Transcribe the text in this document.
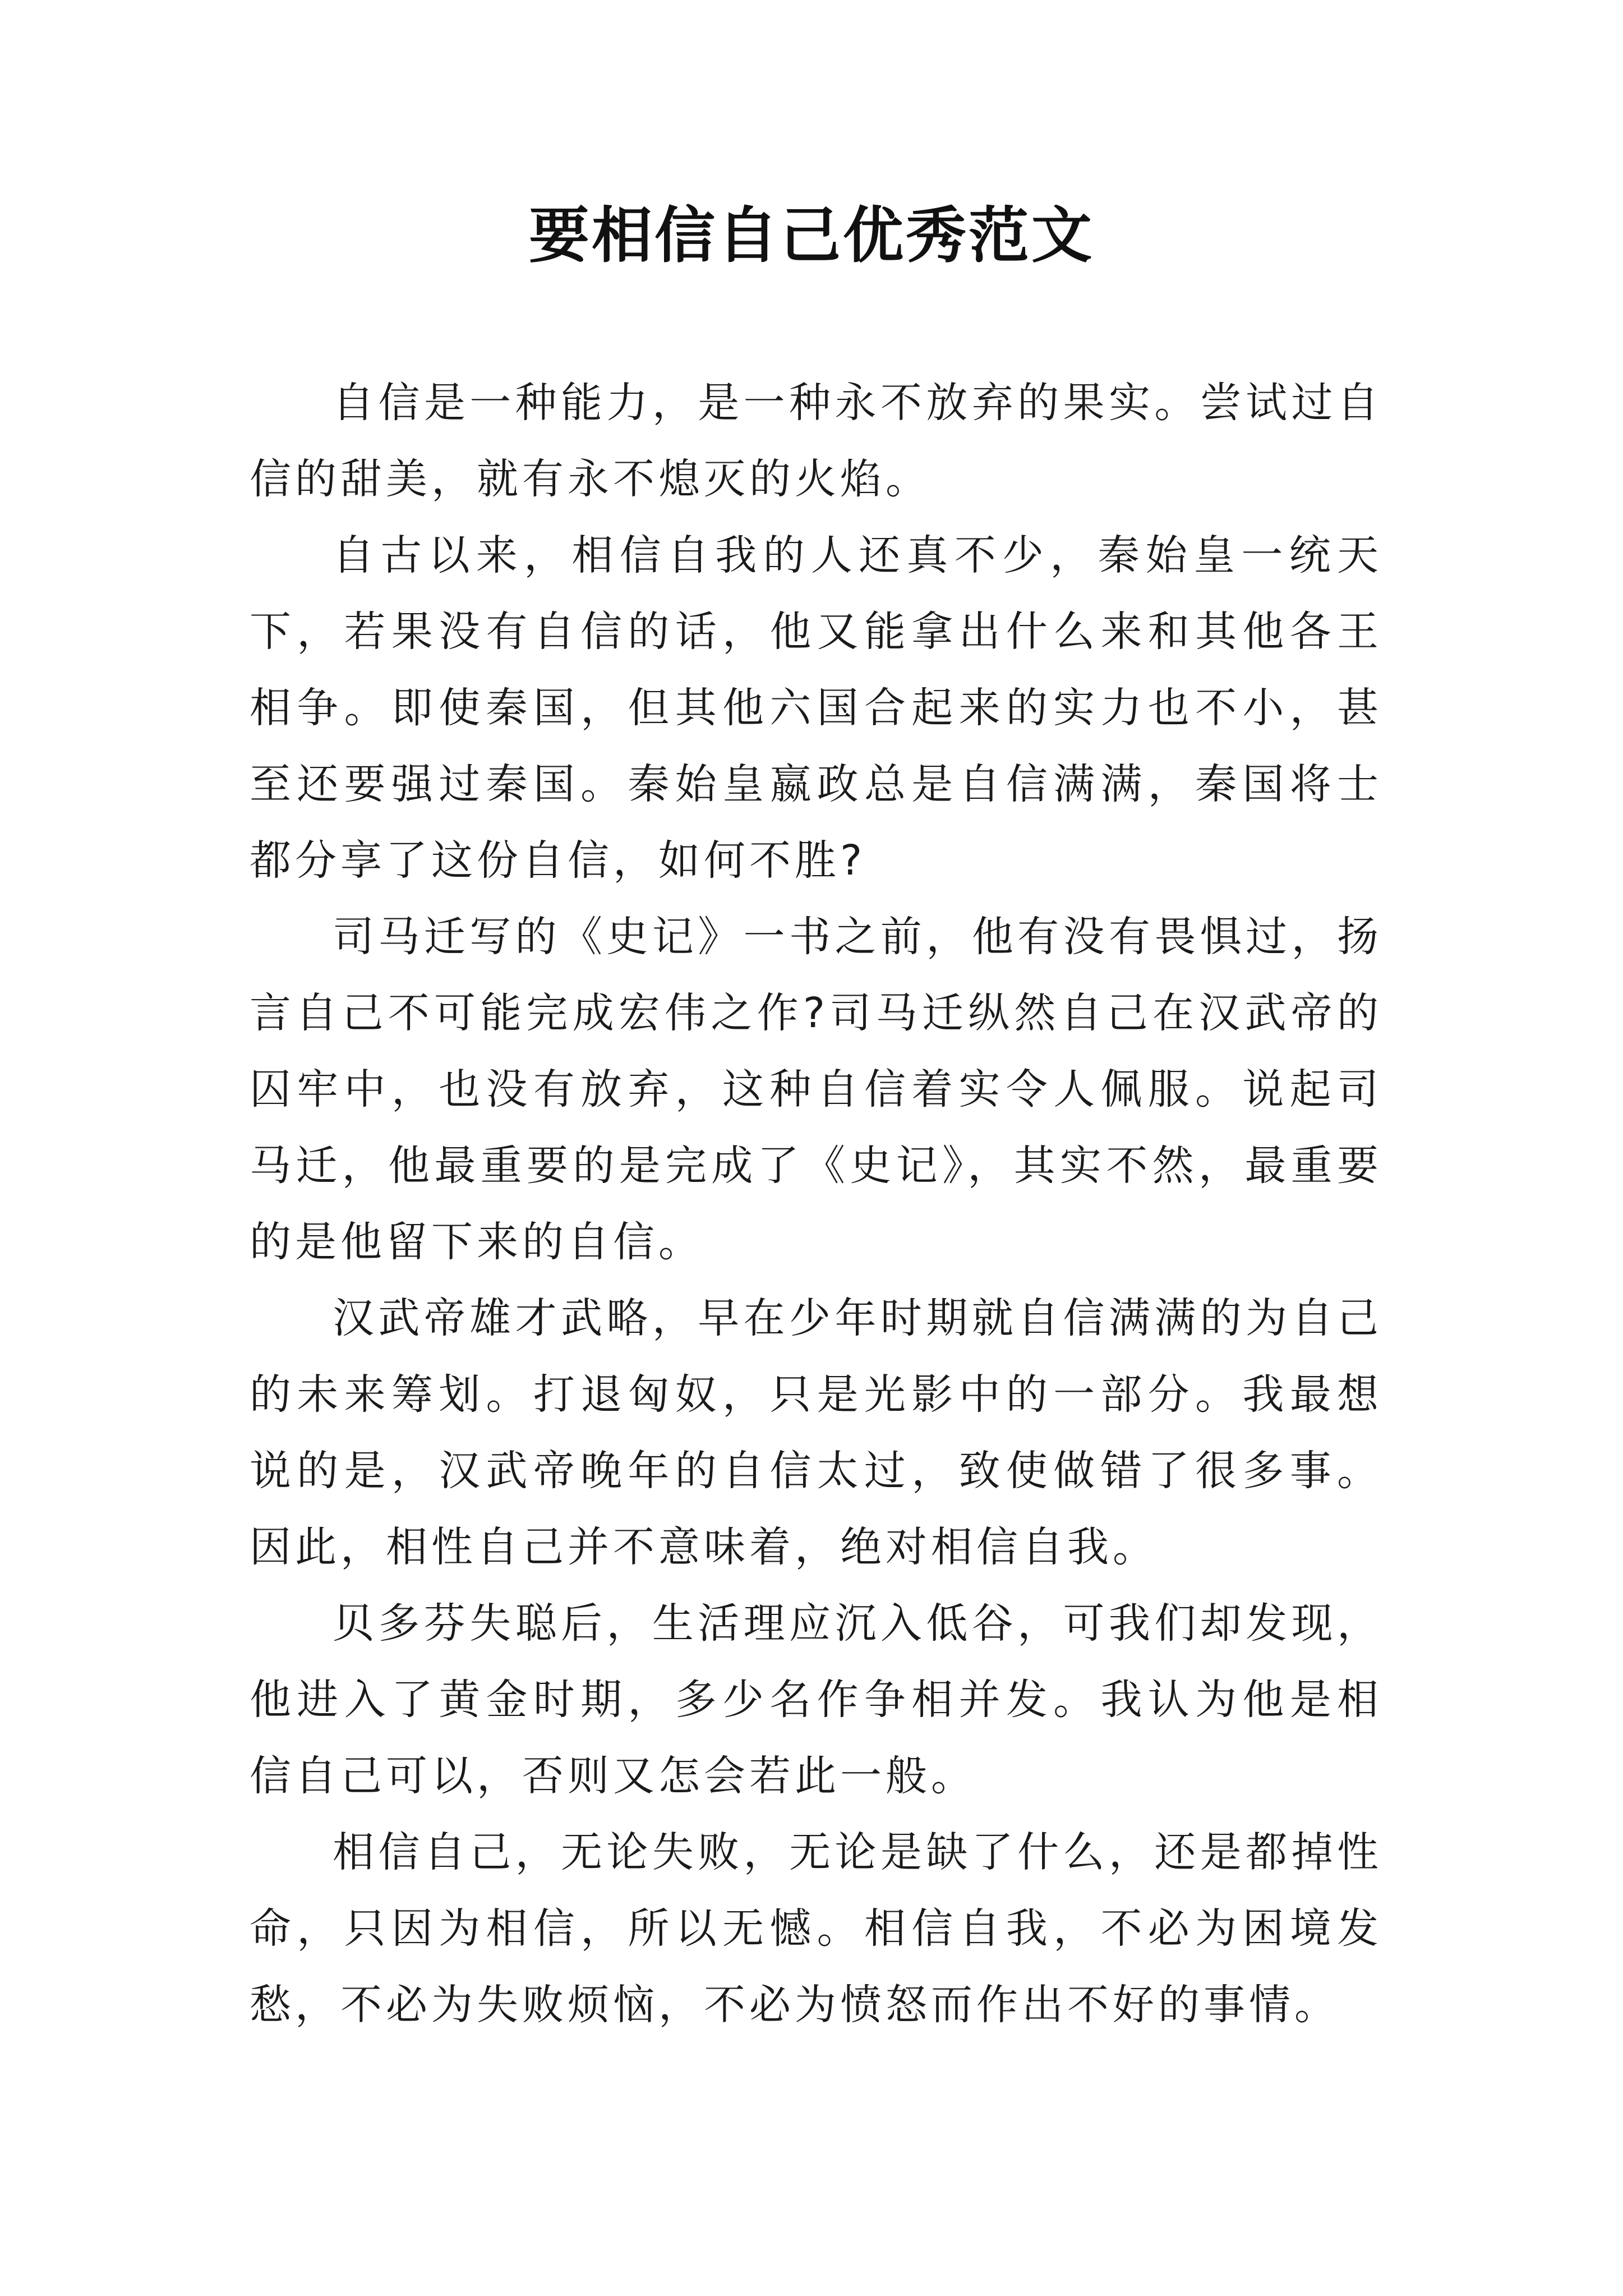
要相信自己优秀范文

自信是一种能力，是一种永不放弃的果实。尝试过自信的甜美，就有永不熄灭的火焰。

自古以来，相信自我的人还真不少，秦始皇一统天下，若果没有自信的话，他又能拿出什么来和其他各王相争。即使秦国，但其他六国合起来的实力也不小，甚至还要强过秦国。秦始皇嬴政总是自信满满，秦国将士都分享了这份自信，如何不胜?

司马迁写的《史记》一书之前，他有没有畏惧过，扬言自己不可能完成宏伟之作?司马迁纵然自己在汉武帝的囚牢中，也没有放弃，这种自信着实令人佩服。说起司马迁，他最重要的是完成了《史记》，其实不然，最重要的是他留下来的自信。

汉武帝雄才武略，早在少年时期就自信满满的为自己的未来筹划。打退匈奴，只是光影中的一部分。我最想说的是，汉武帝晚年的自信太过，致使做错了很多事。因此，相性自己并不意味着，绝对相信自我。

贝多芬失聪后，生活理应沉入低谷，可我们却发现，他进入了黄金时期，多少名作争相并发。我认为他是相信自己可以，否则又怎会若此一般。

相信自己，无论失败，无论是缺了什么，还是都掉性命，只因为相信，所以无憾。相信自我，不必为困境发愁，不必为失败烦恼，不必为愤怒而作出不好的事情。
